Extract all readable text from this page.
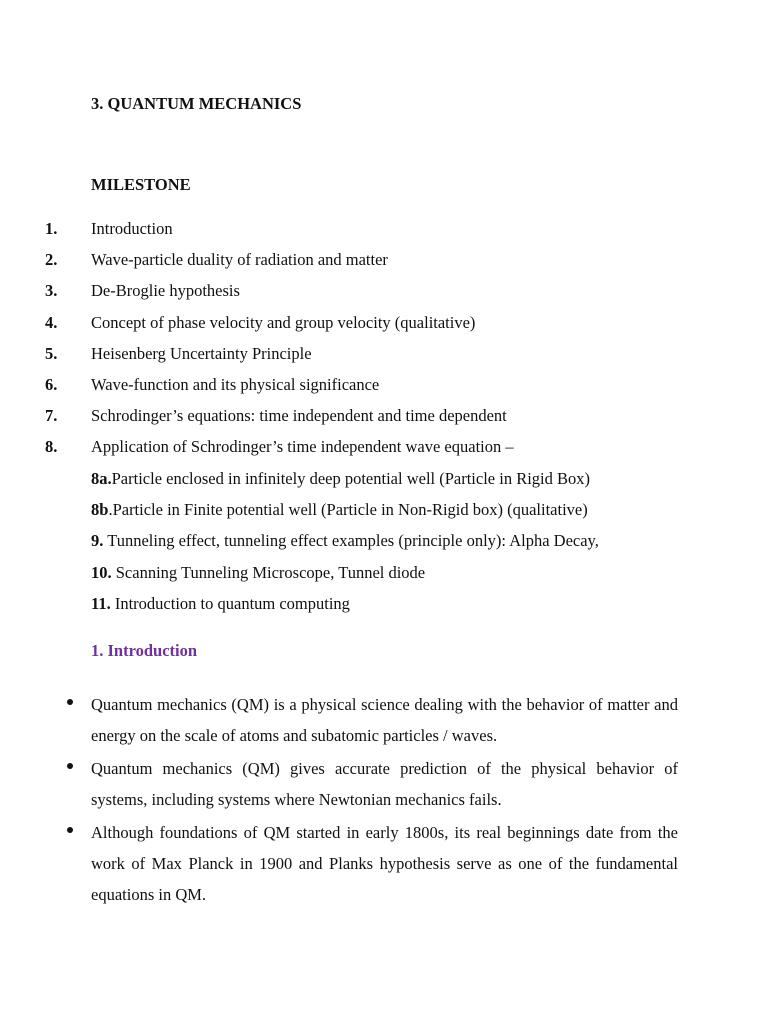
3. QUANTUM MECHANICS
MILESTONE
1. Introduction
2. Wave-particle duality of radiation and matter
3. De-Broglie hypothesis
4. Concept of phase velocity and group velocity (qualitative)
5. Heisenberg Uncertainty Principle
6. Wave-function and its physical significance
7. Schrodinger’s equations: time independent and time dependent
8. Application of Schrodinger’s time independent wave equation –
8a.Particle enclosed in infinitely deep potential well (Particle in Rigid Box)
8b.Particle in Finite potential well (Particle in Non-Rigid box) (qualitative)
9. Tunneling effect, tunneling effect examples (principle only): Alpha Decay,
10. Scanning Tunneling Microscope, Tunnel diode
11. Introduction to quantum computing
1. Introduction
Quantum mechanics (QM) is a physical science dealing with the behavior of matter and energy on the scale of atoms and subatomic particles / waves.
Quantum mechanics (QM) gives accurate prediction of the physical behavior of systems, including systems where Newtonian mechanics fails.
Although foundations of QM started in early 1800s, its real beginnings date from the work of Max Planck in 1900 and Planks hypothesis serve as one of the fundamental equations in QM.
